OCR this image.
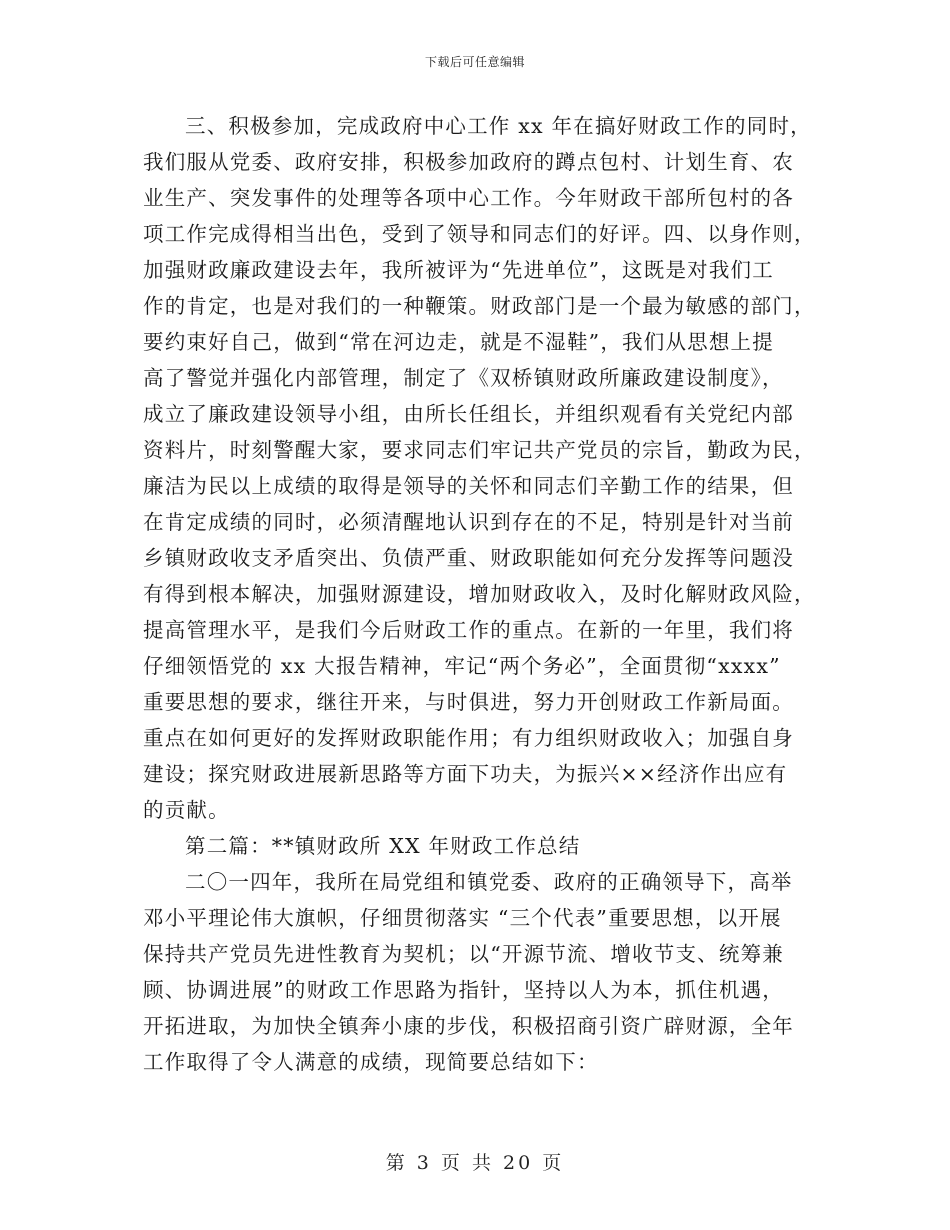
下载后可任意编辑
三、积极参加，完成政府中心工作 xx 年在搞好财政工作的同时，
我们服从党委、政府安排，积极参加政府的蹲点包村、计划生育、农
业生产、突发事件的处理等各项中心工作。今年财政干部所包村的各
项工作完成得相当出色，受到了领导和同志们的好评。四、以身作则，
加强财政廉政建设去年，我所被评为“先进单位”，这既是对我们工
作的肯定，也是对我们的一种鞭策。财政部门是一个最为敏感的部门，
要约束好自己，做到“常在河边走，就是不湿鞋”，我们从思想上提
高了警觉并强化内部管理，制定了《双桥镇财政所廉政建设制度》，
成立了廉政建设领导小组，由所长任组长，并组织观看有关党纪内部
资料片，时刻警醒大家，要求同志们牢记共产党员的宗旨，勤政为民，
廉洁为民以上成绩的取得是领导的关怀和同志们辛勤工作的结果，但
在肯定成绩的同时，必须清醒地认识到存在的不足，特别是针对当前
乡镇财政收支矛盾突出、负债严重、财政职能如何充分发挥等问题没
有得到根本解决，加强财源建设，增加财政收入，及时化解财政风险，
提高管理水平，是我们今后财政工作的重点。在新的一年里，我们将
仔细领悟党的 xx 大报告精神，牢记“两个务必”，全面贯彻“xxxx”
重要思想的要求，继往开来，与时俱进，努力开创财政工作新局面。
重点在如何更好的发挥财政职能作用；有力组织财政收入；加强自身
建设；探究财政进展新思路等方面下功夫，为振兴××经济作出应有
的贡献。
第二篇：**镇财政所 XX 年财政工作总结
二〇一四年，我所在局党组和镇党委、政府的正确领导下，高举
邓小平理论伟大旗帜，仔细贯彻落实 “三个代表”重要思想，以开展
保持共产党员先进性教育为契机；以“开源节流、增收节支、统筹兼
顾、协调进展”的财政工作思路为指针，坚持以人为本，抓住机遇，
开拓进取，为加快全镇奔小康的步伐，积极招商引资广辟财源，全年
工作取得了令人满意的成绩，现简要总结如下：
第 3 页 共 20 页
